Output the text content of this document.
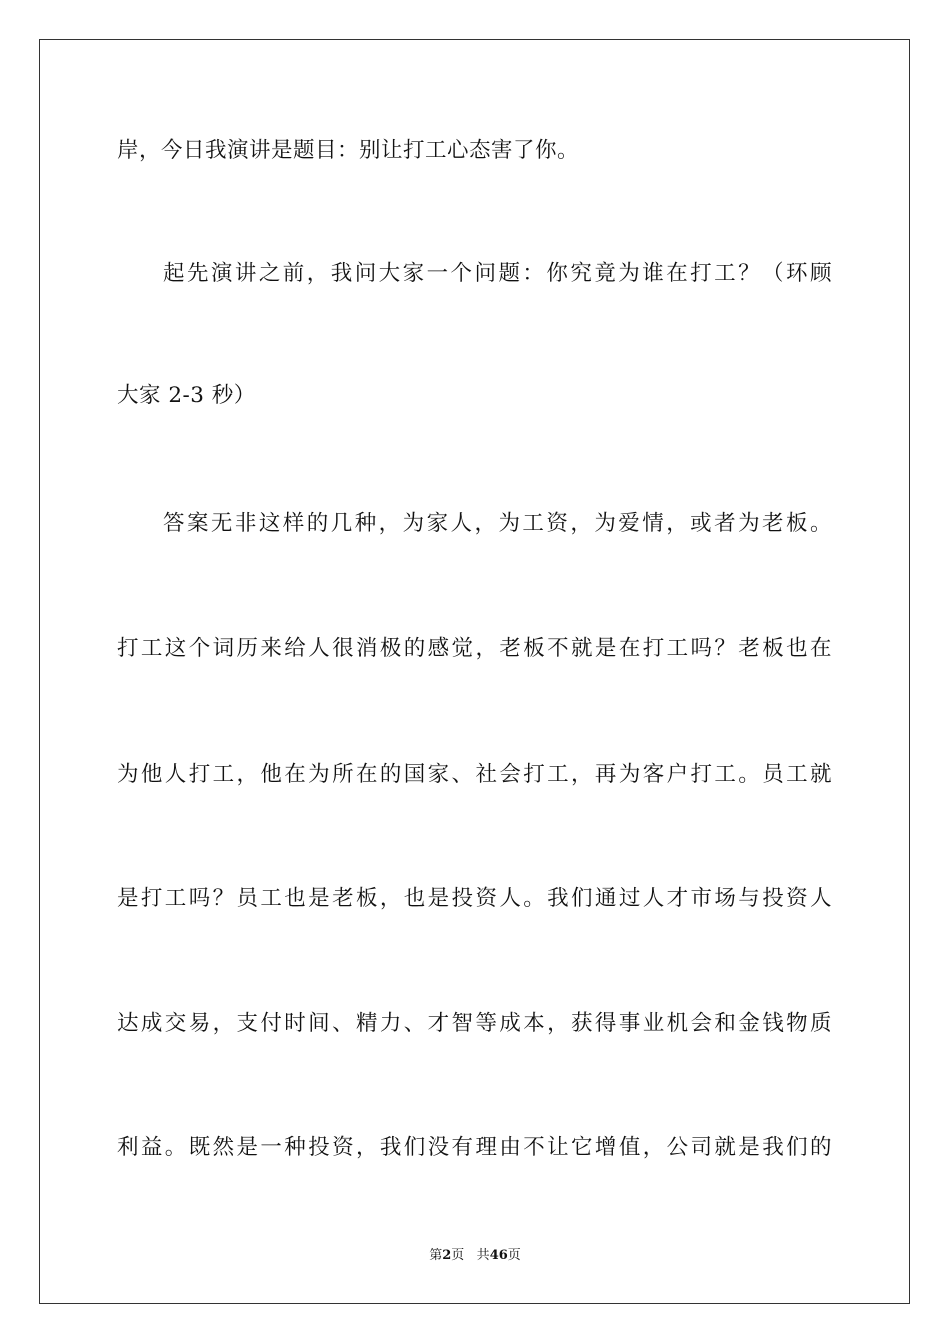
岸，今日我演讲是题目：别让打工心态害了你。
起先演讲之前，我问大家一个问题：你究竟为谁在打工？（环顾
大家 2-3 秒）
答案无非这样的几种，为家人，为工资，为爱情，或者为老板。
打工这个词历来给人很消极的感觉，老板不就是在打工吗？老板也在
为他人打工，他在为所在的国家、社会打工，再为客户打工。员工就
是打工吗？员工也是老板，也是投资人。我们通过人才市场与投资人
达成交易，支付时间、精力、才智等成本，获得事业机会和金钱物质
利益。既然是一种投资，我们没有理由不让它增值，公司就是我们的
第2页 共46页
